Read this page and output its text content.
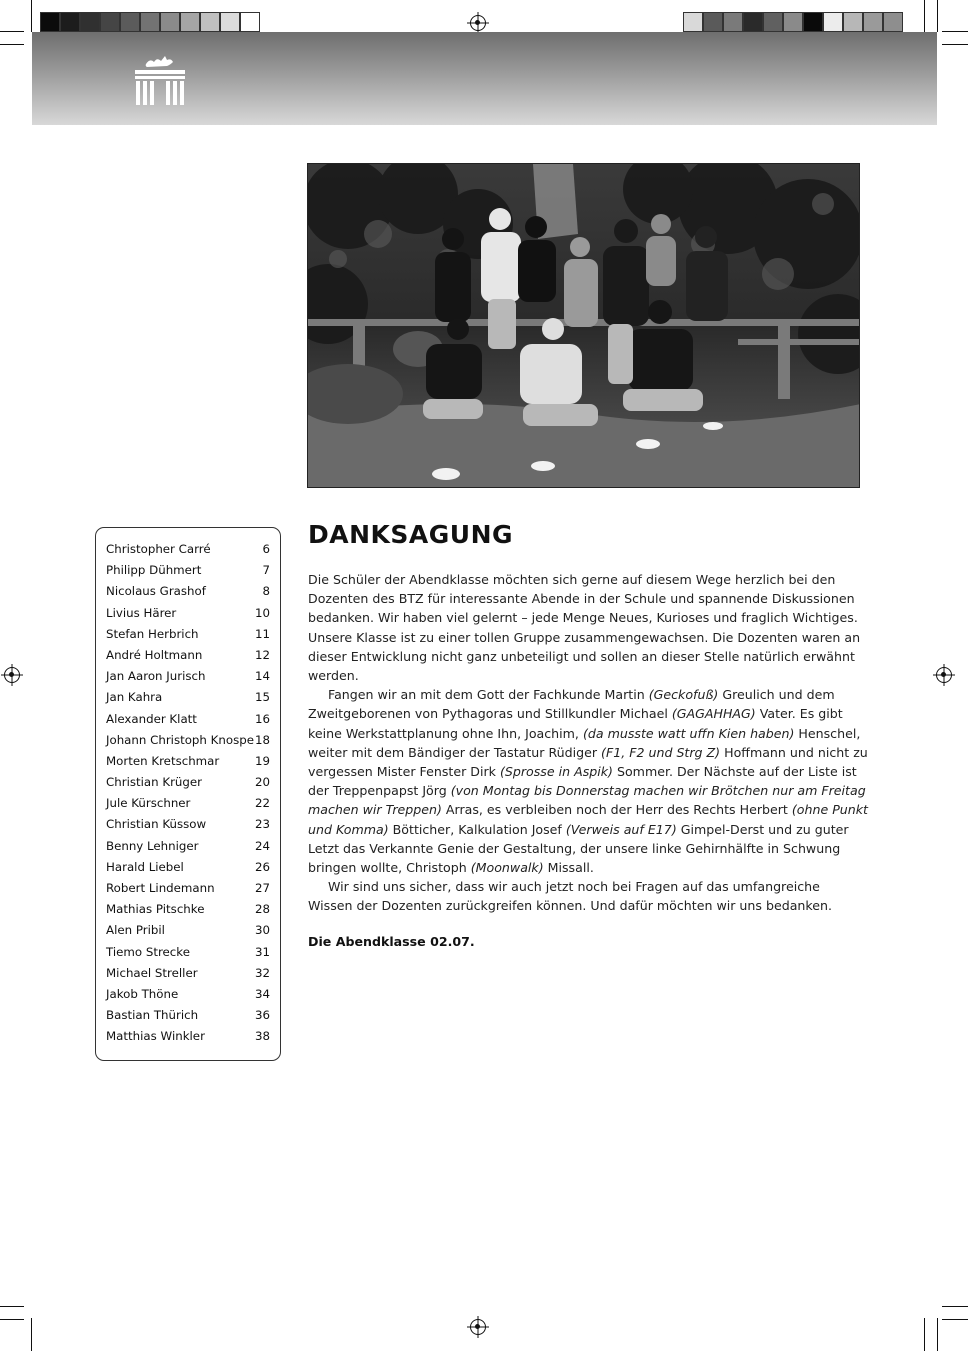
Christopher Carré	6
Philipp Dühmert	7
Nicolaus Grashof	8
Livius Härer	10
Stefan Herbrich	11
André Holtmann	12
Jan Aaron Jurisch	14
Jan Kahra	15
Alexander Klatt	16
Johann Christoph Knospe 18
Morten Kretschmar	19
Christian Krüger	20
Jule Kürschner	22
Christian Küssow	23
Benny Lehniger	24
Harald Liebel	26
Robert Lindemann	27
Mathias Pitschke	28
Alen Pribil	30
Tiemo Strecke	31
Michael Streller	32
Jakob Thöne	34
Bastian Thürich	36
Matthias Winkler	38
DANKSAGUNG

Die Schüler der Abendklasse möchten sich gerne auf diesem Wege herzlich bei den Dozenten des BTZ für interessante Abende in der Schule und spannende Diskussionen bedanken. Wir haben viel gelernt – jede Menge Neues, Kurioses und fraglich Wichtiges. Unsere Klasse ist zu einer tollen Gruppe zusammengewachsen. Die Dozenten waren an dieser Entwicklung nicht ganz unbeteiligt und sollen an dieser Stelle natürlich erwähnt werden.

Fangen wir an mit dem Gott der Fachkunde Martin (Geckofuß) Greulich und dem Zweitgeborenen von Pythagoras und Stillkundler Michael (GAGAHHAG) Vater. Es gibt keine Werkstattplanung ohne Ihn, Joachim, (da musste watt uffn Kien haben) Henschel, weiter mit dem Bändiger der Tastatur Rüdiger (F1, F2 und Strg Z) Hoffmann und nicht zu vergessen Mister Fenster Dirk (Sprosse in Aspik) Sommer. Der Nächste auf der Liste ist der Treppenpapst Jörg (von Montag bis Donnerstag machen wir Brötchen nur am Freitag machen wir Treppen) Arras, es verbleiben noch der Herr des Rechts Herbert (ohne Punkt und Komma) Bötticher, Kalkulation Josef (Verweis auf E17) Gimpel-Derst und zu guter Letzt das Verkannte Genie der Gestaltung, der unsere linke Gehirnhälfte in Schwung bringen wollte, Christoph (Moonwalk) Missall.

Wir sind uns sicher, dass wir auch jetzt noch bei Fragen auf das umfangreiche Wissen der Dozenten zurückgreifen können. Und dafür möchten wir uns bedanken.

Die Abendklasse 02.07.
